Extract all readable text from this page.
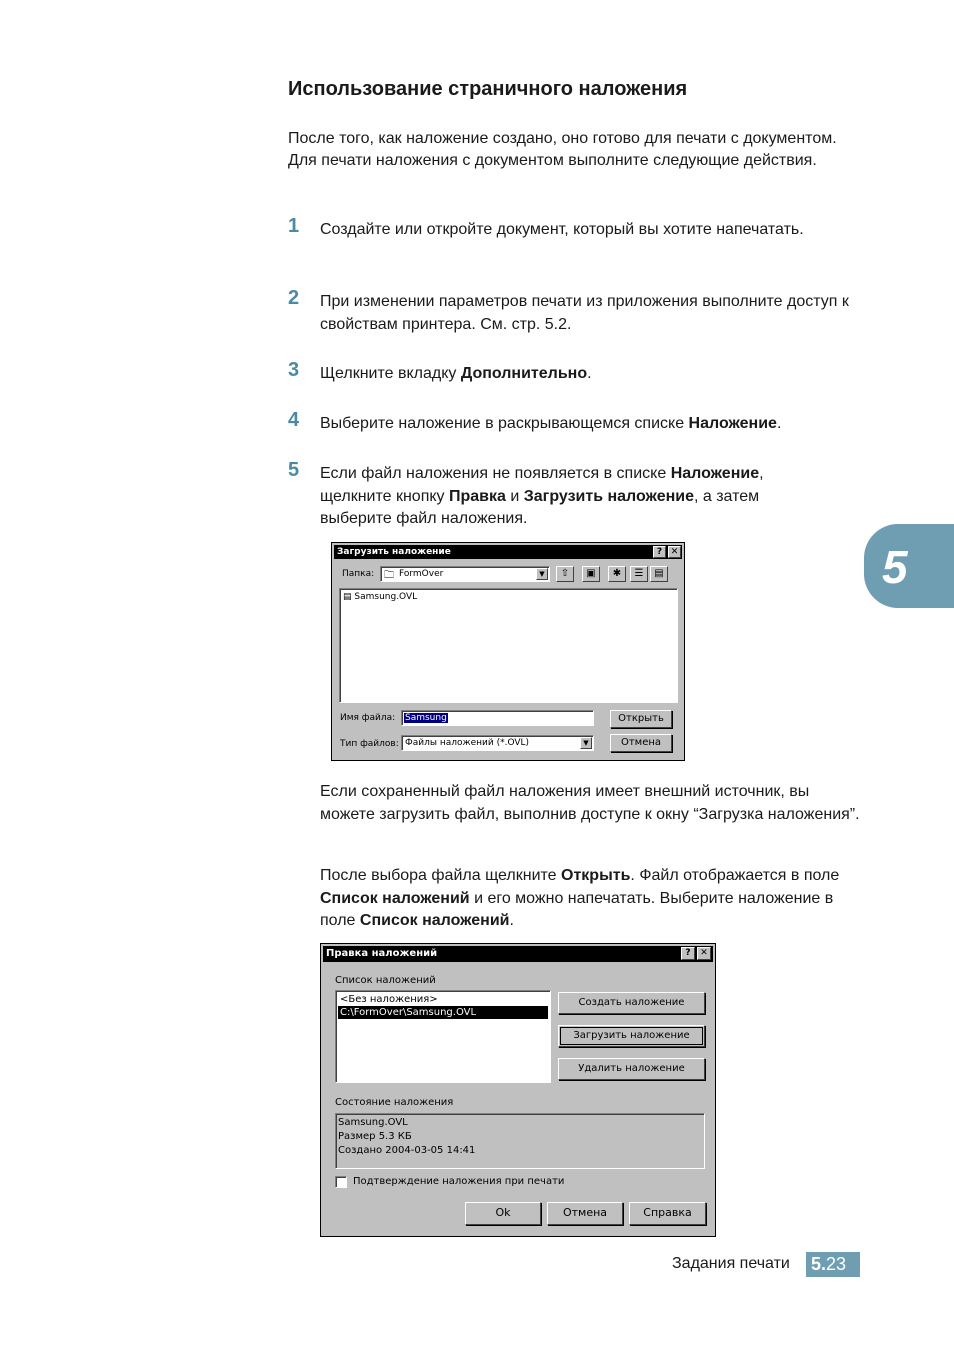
Использование страничного наложения
После того, как наложение создано, оно готово для печати с документом. Для печати наложения с документом выполните следующие действия.
1 Создайте или откройте документ, который вы хотите напечатать.
2 При изменении параметров печати из приложения выполните доступ к свойствам принтера. См. стр. 5.2.
3 Щелкните вкладку Дополнительно.
4 Выберите наложение в раскрывающемся списке Наложение.
5 Если файл наложения не появляется в списке Наложение, щелкните кнопку Правка и Загрузить наложение, а затем выберите файл наложения.
Загрузить наложение	? ✕
Папка: 🗀 FormOver	▼	⇧	▣	✱	☰	▤
▤ Samsung.OVL
Имя файла: Samsung
Тип файлов: Файлы наложений (*.OVL)	▼
Открыть
Отмена
Если сохраненный файл наложения имеет внешний источник, вы можете загрузить файл, выполнив доступе к окну “Загрузка наложения”.
После выбора файла щелкните Открыть. Файл отображается в поле Список наложений и его можно напечатать. Выберите наложение в поле Список наложений.
Правка наложений	?	✕
Список наложений
<Без наложения>
C:\FormOver\Samsung.OVL
Создать наложение
Загрузить наложение
Удалить наложение
Состояние наложения
Samsung.OVL
Размер 5.3 КБ
Создано 2004-03-05 14:41
Подтверждение наложения при печати
Ok	Отмена	Справка
5
Задания печати 5.23
